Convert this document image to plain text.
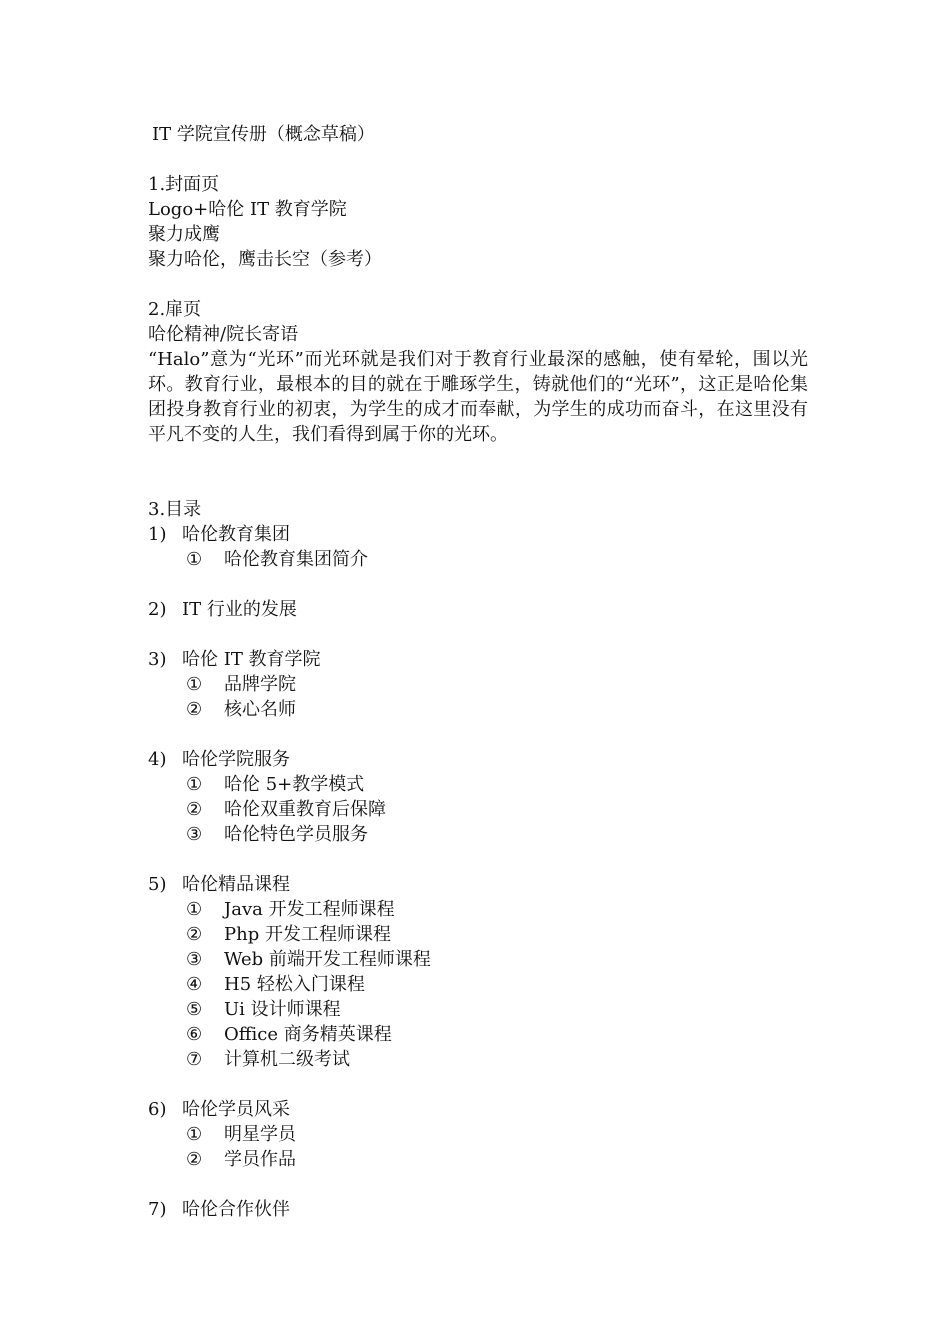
IT 学院宣传册（概念草稿）
1.封面页
Logo+哈伦 IT 教育学院
聚力成鹰
聚力哈伦，鹰击长空（参考）
2.扉页
哈伦精神/院长寄语
“Halo”意为“光环”而光环就是我们对于教育行业最深的感触，使有晕轮，围以光环。教育行业，最根本的目的就在于雕琢学生，铸就他们的“光环”，这正是哈伦集团投身教育行业的初衷，为学生的成才而奉献，为学生的成功而奋斗，在这里没有平凡不变的人生，我们看得到属于你的光环。
3.目录
1) 哈伦教育集团
① 哈伦教育集团简介
2) IT 行业的发展
3) 哈伦 IT 教育学院
① 品牌学院
② 核心名师
4) 哈伦学院服务
① 哈伦 5+教学模式
② 哈伦双重教育后保障
③ 哈伦特色学员服务
5) 哈伦精品课程
① Java 开发工程师课程
② Php 开发工程师课程
③ Web 前端开发工程师课程
④ H5 轻松入门课程
⑤ Ui 设计师课程
⑥ Office 商务精英课程
⑦ 计算机二级考试
6) 哈伦学员风采
① 明星学员
② 学员作品
7) 哈伦合作伙伴
